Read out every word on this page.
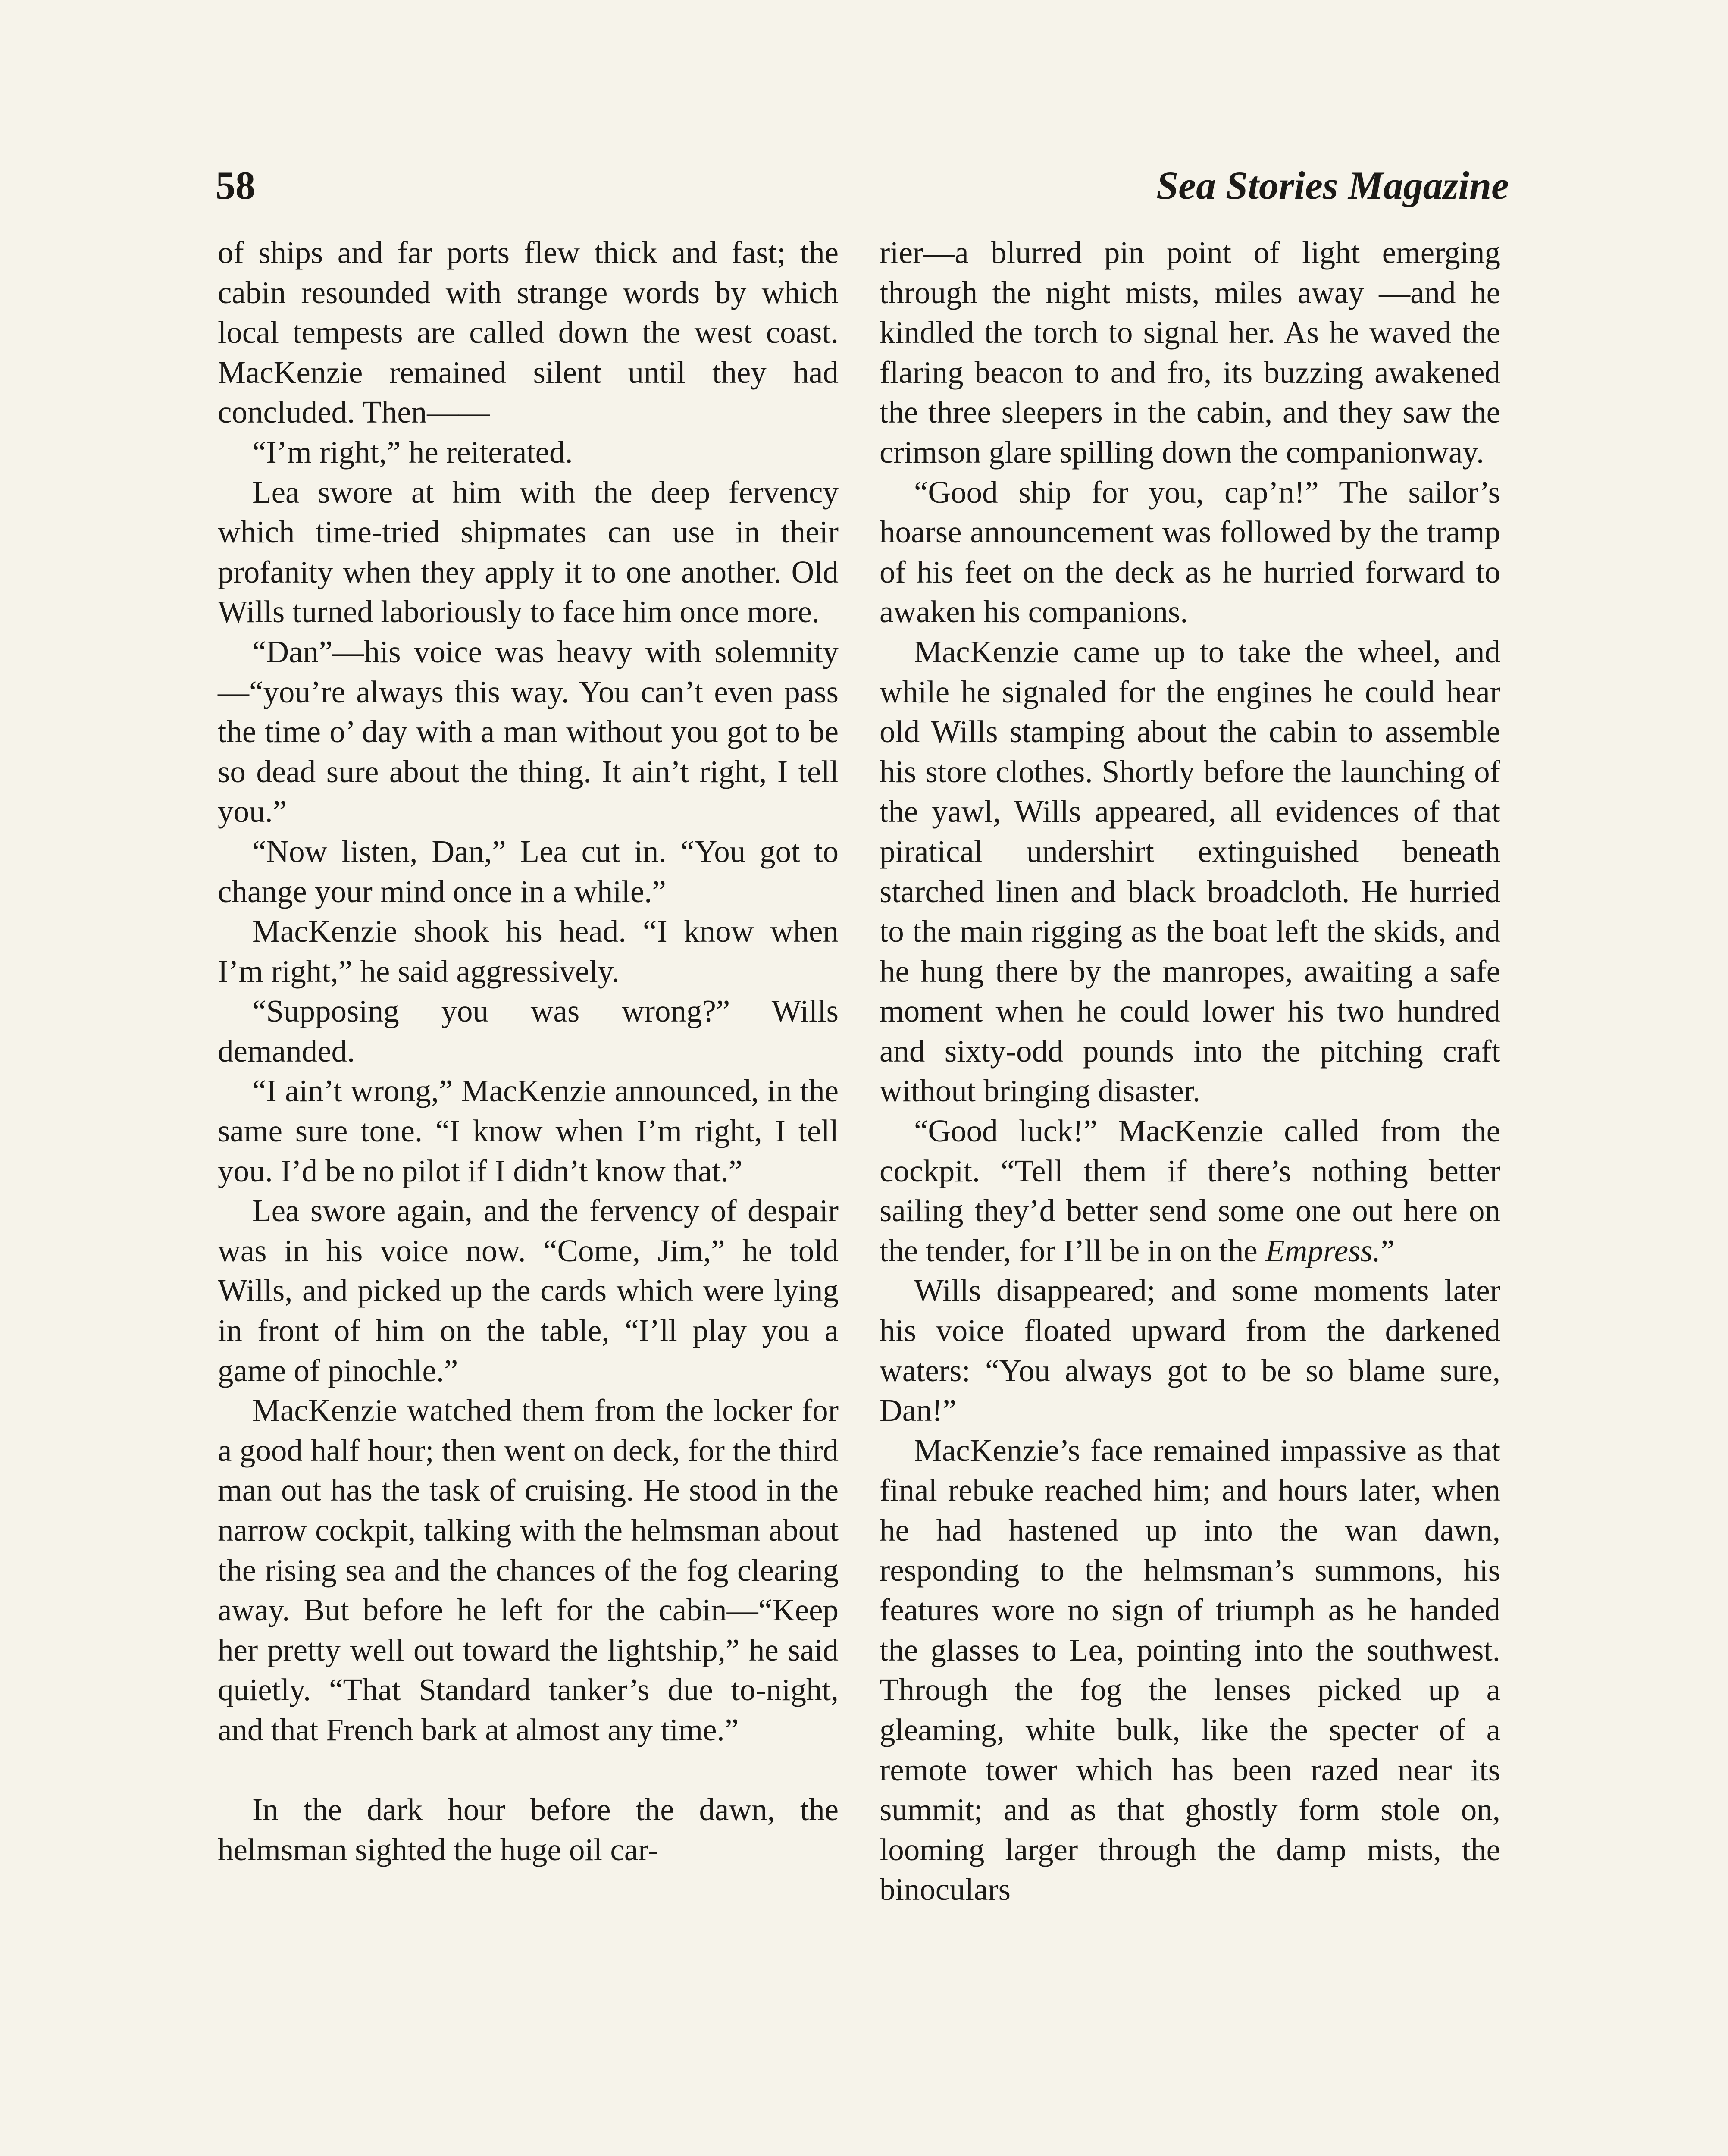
58	Sea Stories Magazine

of ships and far ports flew thick and fast; the cabin resounded with strange words by which local tempests are called down the west coast. MacKenzie remained silent until they had concluded. Then——

“I’m right,” he reiterated.

Lea swore at him with the deep fervency which time-tried shipmates can use in their profanity when they apply it to one another. Old Wills turned laboriously to face him once more.

“Dan”—his voice was heavy with solemnity—“you’re always this way. You can’t even pass the time o’ day with a man without you got to be so dead sure about the thing. It ain’t right, I tell you.”

“Now listen, Dan,” Lea cut in. “You got to change your mind once in a while.”

MacKenzie shook his head. “I know when I’m right,” he said aggressively.

“Supposing you was wrong?” Wills demanded.

“I ain’t wrong,” MacKenzie announced, in the same sure tone. “I know when I’m right, I tell you. I’d be no pilot if I didn’t know that.”

Lea swore again, and the fervency of despair was in his voice now. “Come, Jim,” he told Wills, and picked up the cards which were lying in front of him on the table, “I’ll play you a game of pinochle.”

MacKenzie watched them from the locker for a good half hour; then went on deck, for the third man out has the task of cruising. He stood in the narrow cockpit, talking with the helmsman about the rising sea and the chances of the fog clearing away. But before he left for the cabin—“Keep her pretty well out toward the lightship,” he said quietly. “That Standard tanker’s due to-night, and that French bark at almost any time.”

In the dark hour before the dawn, the helmsman sighted the huge oil car-

rier—a blurred pin point of light emerging through the night mists, miles away —and he kindled the torch to signal her. As he waved the flaring beacon to and fro, its buzzing awakened the three sleepers in the cabin, and they saw the crimson glare spilling down the companionway.

“Good ship for you, cap’n!” The sailor’s hoarse announcement was followed by the tramp of his feet on the deck as he hurried forward to awaken his companions.

MacKenzie came up to take the wheel, and while he signaled for the engines he could hear old Wills stamping about the cabin to assemble his store clothes. Shortly before the launching of the yawl, Wills appeared, all evidences of that piratical undershirt extinguished beneath starched linen and black broadcloth. He hurried to the main rigging as the boat left the skids, and he hung there by the manropes, awaiting a safe moment when he could lower his two hundred and sixty-odd pounds into the pitching craft without bringing disaster.

“Good luck!” MacKenzie called from the cockpit. “Tell them if there’s nothing better sailing they’d better send some one out here on the tender, for I’ll be in on the Empress.”

Wills disappeared; and some moments later his voice floated upward from the darkened waters: “You always got to be so blame sure, Dan!”

MacKenzie’s face remained impassive as that final rebuke reached him; and hours later, when he had hastened up into the wan dawn, responding to the helmsman’s summons, his features wore no sign of triumph as he handed the glasses to Lea, pointing into the southwest. Through the fog the lenses picked up a gleaming, white bulk, like the specter of a remote tower which has been razed near its summit; and as that ghostly form stole on, looming larger through the damp mists, the binoculars
